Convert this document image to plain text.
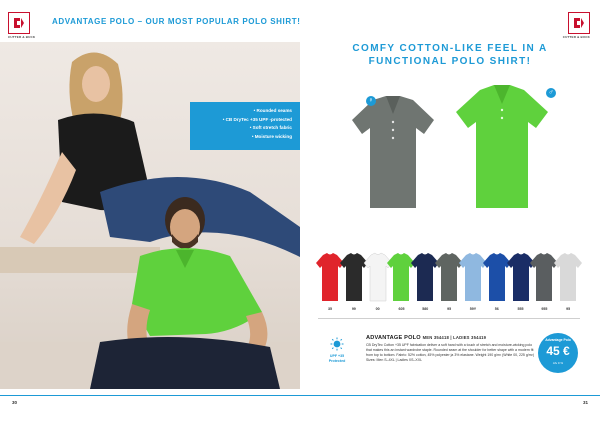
CUTTER & BUCK
ADVANTAGE POLO – OUR MOST POPULAR POLO SHIRT!
CUTTER & BUCK
• Rounded seams
• CB DryTec +35 UPF -protected
• Soft stretch fabric
• Moisture wicking
COMFY COTTON-LIKE FEEL IN A
FUNCTIONAL POLO SHIRT!
♀
♂
35	99	00	605	580	95	59Y	56	555	955	95
UPF +35
Protected
ADVANTAGE POLO MEN 354418 | LADIES 354419
CB DryTec Cotton +35 UPF fabrication deliver a soft hand with a touch of stretch and moisture-wicking polo that makes this an instant wardrobe staple. Rounded seam at the shoulder for better shape with a modern fit from top to bottom. Fabric: 52% cotton, 45% polyester ja 3% elastane. Weight 190 g/m² (White 00, 225 g/m²) Sizes: Men S–4XL | Ladies XS–XXL
Advantage Polo
45 €
Alv 0 %
30	31
